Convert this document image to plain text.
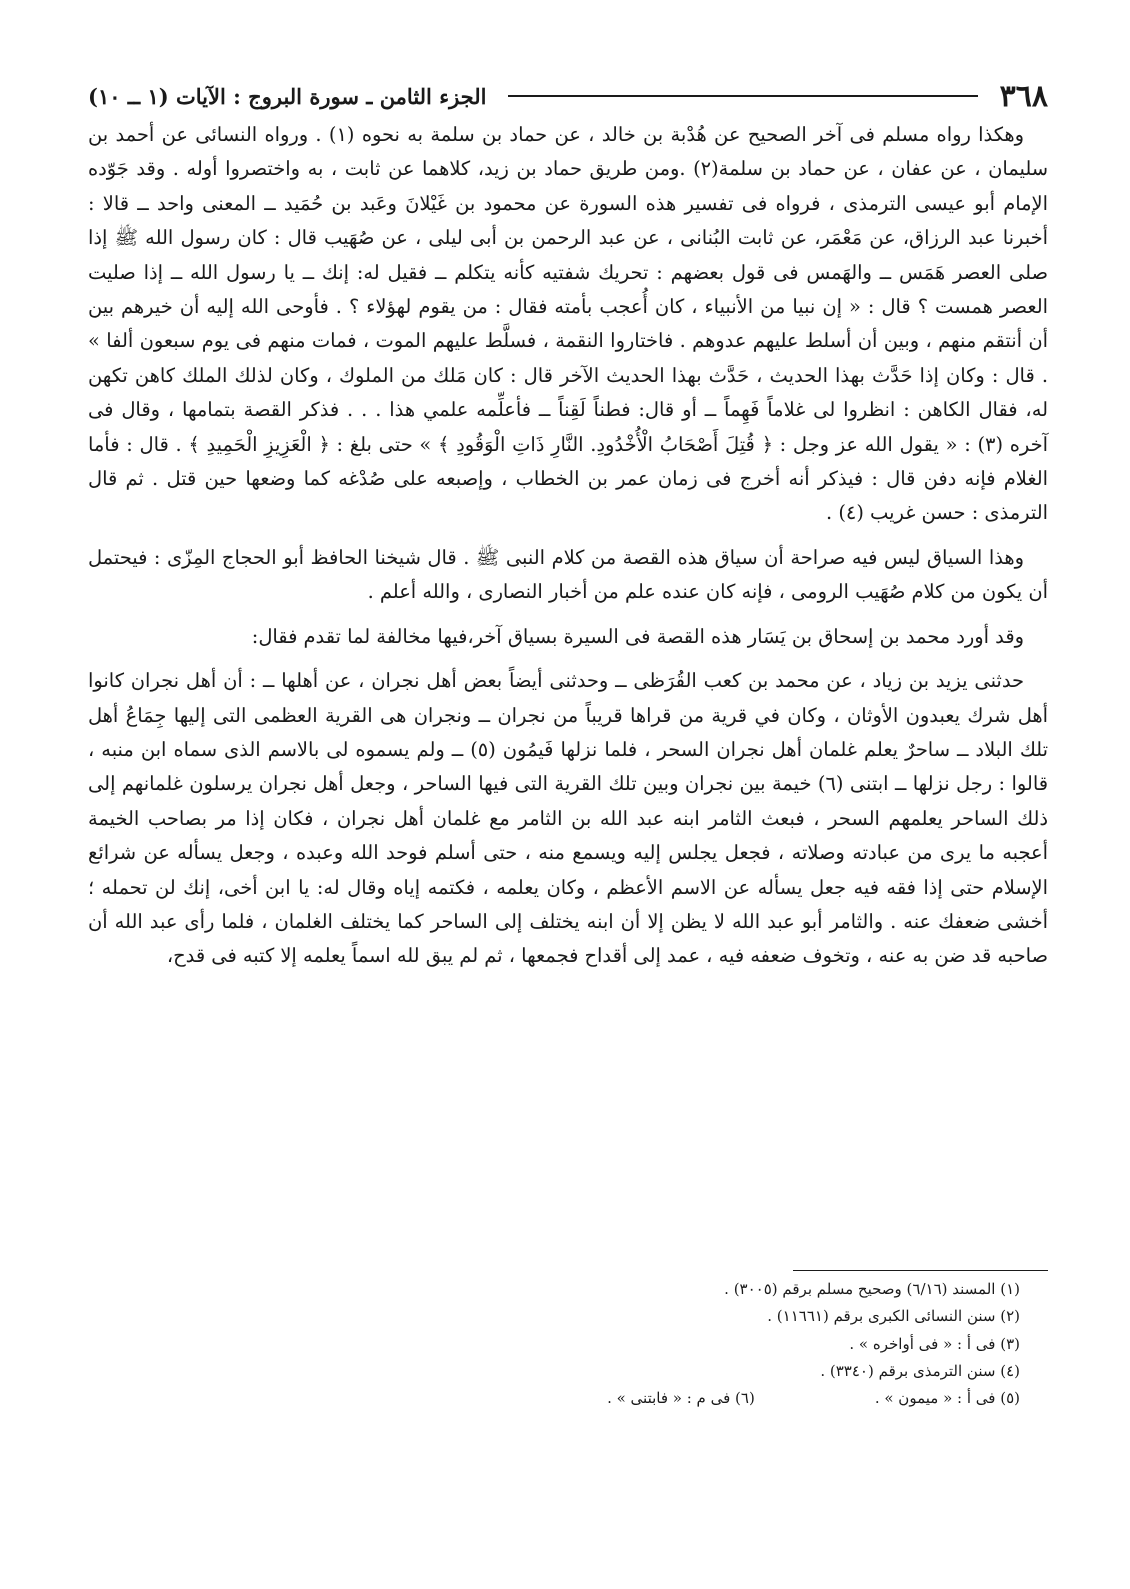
٣٦٨
الجزء الثامن ـ سورة البروج : الآيات (١ ــ ١٠)

وهكذا رواه مسلم فى آخر الصحيح عن هُدْبة بن خالد ، عن حماد بن سلمة به نحوه (١) . ورواه النسائى عن أحمد بن سليمان ، عن عفان ، عن حماد بن سلمة(٢) .ومن طريق حماد بن زيد، كلاهما عن ثابت ، به واختصروا أوله . وقد جَوّده الإمام أبو عيسى الترمذى ، فرواه فى تفسير هذه السورة عن محمود بن غَيْلانَ وعَبد بن حُمَيد ــ المعنى واحد ــ قالا : أخبرنا عبد الرزاق، عن مَعْمَر، عن ثابت البُنانى ، عن عبد الرحمن بن أبى ليلى ، عن صُهَيب قال : كان رسول الله ﷺ إذا صلى العصر هَمَس ــ والهَمس فى قول بعضهم : تحريك شفتيه كأنه يتكلم ــ فقيل له: إنك ــ يا رسول الله ــ إذا صليت العصر همست ؟ قال : « إن نبيا من الأنبياء ، كان أُعجب بأمته فقال : من يقوم لهؤلاء ؟ . فأوحى الله إليه أن خيرهم بين أن أنتقم منهم ، وبين أن أسلط عليهم عدوهم . فاختاروا النقمة ، فسلَّط عليهم الموت ، فمات منهم فى يوم سبعون ألفا » . قال : وكان إذا حَدَّث بهذا الحديث ، حَدَّث بهذا الحديث الآخر قال : كان مَلك من الملوك ، وكان لذلك الملك كاهن تكهن له، فقال الكاهن : انظروا لى غلاماً فَهِماً ــ أو قال: فطناً لَقِناً ــ فأعلِّمه علمي هذا . . . فذكر القصة بتمامها ، وقال فى آخره (٣) : « يقول الله عز وجل : ﴿ قُتِلَ أَصْحَابُ الْأُخْدُودِ. النَّارِ ذَاتِ الْوَقُودِ ﴾ » حتى بلغ : ﴿ الْعَزِيزِ الْحَمِيدِ ﴾ . قال : فأما الغلام فإنه دفن قال : فيذكر أنه أخرج فى زمان عمر بن الخطاب ، وإصبعه على صُدْغه كما وضعها حين قتل . ثم قال الترمذى : حسن غريب (٤) .

وهذا السياق ليس فيه صراحة أن سياق هذه القصة من كلام النبى ﷺ . قال شيخنا الحافظ أبو الحجاج المِزّى : فيحتمل أن يكون من كلام صُهَيب الرومى ، فإنه كان عنده علم من أخبار النصارى ، والله أعلم .

وقد أورد محمد بن إسحاق بن يَسَار هذه القصة فى السيرة بسياق آخر،فيها مخالفة لما تقدم فقال:

حدثنى يزيد بن زياد ، عن محمد بن كعب القُرَظى ــ وحدثنى أيضاً بعض أهل نجران ، عن أهلها ــ : أن أهل نجران كانوا أهل شرك يعبدون الأوثان ، وكان في قرية من قراها قريباً من نجران ــ ونجران هى القرية العظمى التى إليها جِمَاعُ أهل تلك البلاد ــ ساحرٌ يعلم غلمان أهل نجران السحر ، فلما نزلها فَيمُون (٥) ــ ولم يسموه لى بالاسم الذى سماه ابن منبه ، قالوا : رجل نزلها ــ ابتنى (٦) خيمة بين نجران وبين تلك القرية التى فيها الساحر ، وجعل أهل نجران يرسلون غلمانهم إلى ذلك الساحر يعلمهم السحر ، فبعث الثامر ابنه عبد الله بن الثامر مع غلمان أهل نجران ، فكان إذا مر بصاحب الخيمة أعجبه ما يرى من عبادته وصلاته ، فجعل يجلس إليه ويسمع منه ، حتى أسلم فوحد الله وعبده ، وجعل يسأله عن شرائع الإسلام حتى إذا فقه فيه جعل يسأله عن الاسم الأعظم ، وكان يعلمه ، فكتمه إياه وقال له: يا ابن أخى، إنك لن تحمله ؛ أخشى ضعفك عنه . والثامر أبو عبد الله لا يظن إلا أن ابنه يختلف إلى الساحر كما يختلف الغلمان ، فلما رأى عبد الله أن صاحبه قد ضن به عنه ، وتخوف ضعفه فيه ، عمد إلى أقداح فجمعها ، ثم لم يبق لله اسماً يعلمه إلا كتبه فى قدح،

(١) المسند (٦/١٦) وصحيح مسلم برقم (٣٠٠٥) .

(٢) سنن النسائى الكبرى برقم (١١٦٦١) .

(٣) فى أ : « فى أواخره » .

(٤) سنن الترمذى برقم (٣٣٤٠) .

(٥) فى أ : « ميمون » .(٦) فى م : « فابتنى » .
